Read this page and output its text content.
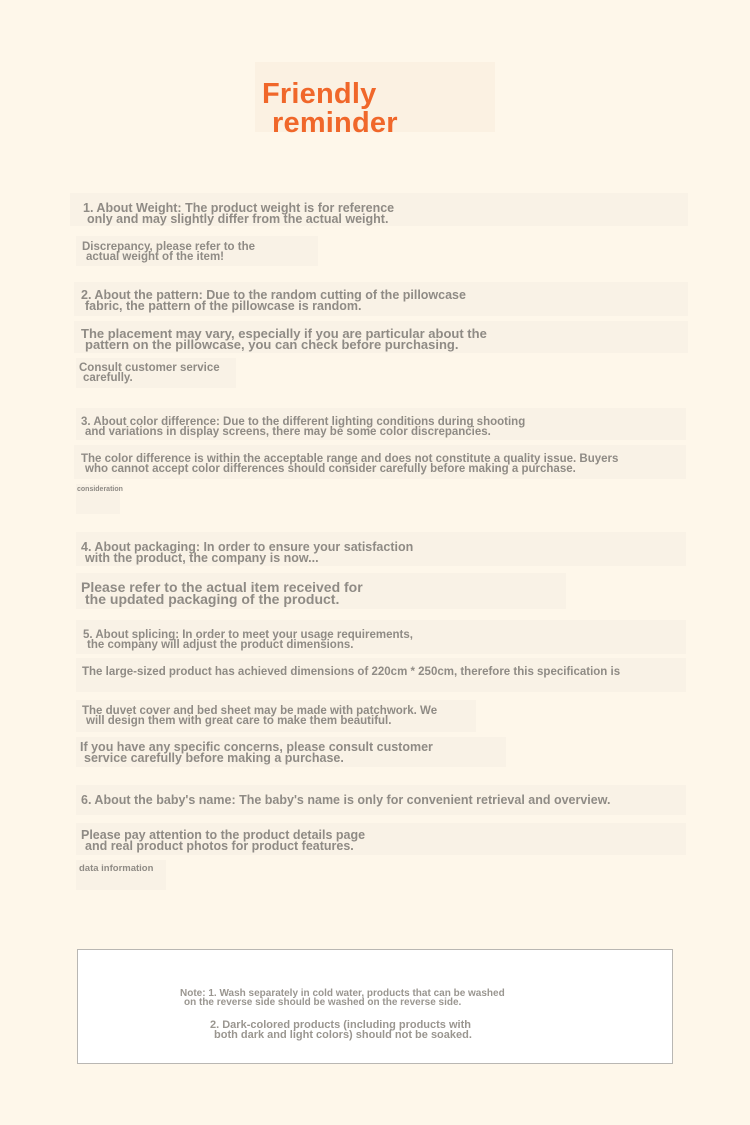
Friendly
reminder

1. About Weight: The product weight is for reference
only and may slightly differ from the actual weight.

Discrepancy, please refer to the
actual weight of the item!

2. About the pattern: Due to the random cutting of the pillowcase
fabric, the pattern of the pillowcase is random.

The placement may vary, especially if you are particular about the
pattern on the pillowcase, you can check before purchasing.

Consult customer service
carefully.

3. About color difference: Due to the different lighting conditions during shooting
and variations in display screens, there may be some color discrepancies.

The color difference is within the acceptable range and does not constitute a quality issue. Buyers
who cannot accept color differences should consider carefully before making a purchase.

consideration

4. About packaging: In order to ensure your satisfaction
with the product, the company is now...

Please refer to the actual item received for
the updated packaging of the product.

5. About splicing: In order to meet your usage requirements,
the company will adjust the product dimensions.

The large-sized product has achieved dimensions of 220cm * 250cm, therefore this specification is

The duvet cover and bed sheet may be made with patchwork. We
will design them with great care to make them beautiful.

If you have any specific concerns, please consult customer
service carefully before making a purchase.

6. About the baby's name: The baby's name is only for convenient retrieval and overview.

Please pay attention to the product details page
and real product photos for product features.

data information

Note: 1. Wash separately in cold water, products that can be washed
on the reverse side should be washed on the reverse side.

2. Dark-colored products (including products with
both dark and light colors) should not be soaked.
